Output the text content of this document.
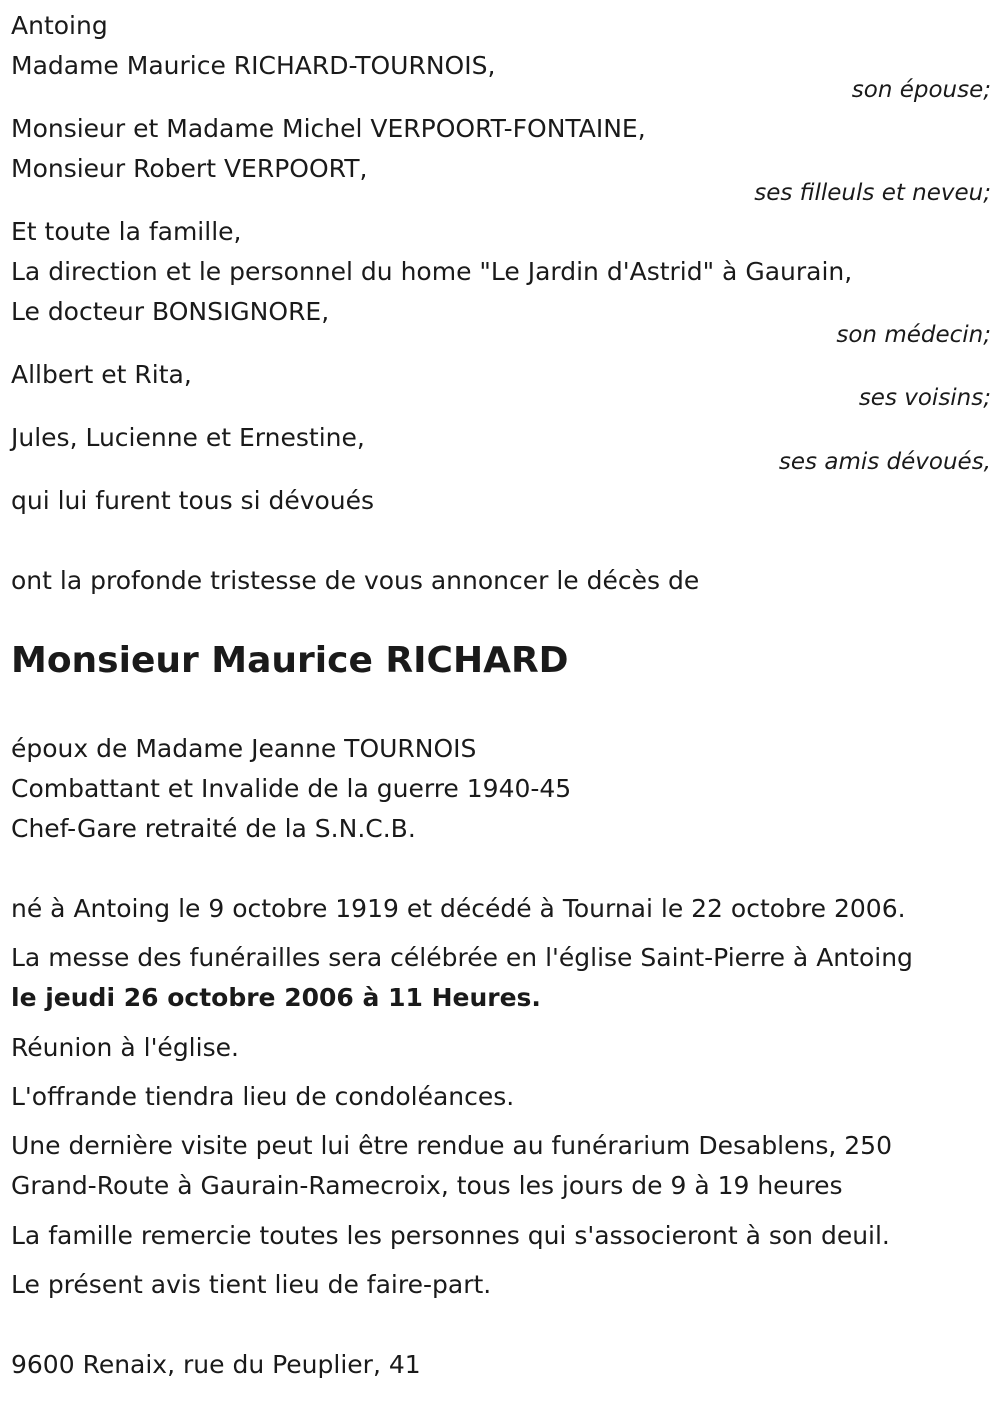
Antoing
Madame Maurice RICHARD-TOURNOIS,
son épouse;
Monsieur et Madame Michel VERPOORT-FONTAINE,
Monsieur Robert VERPOORT,
ses filleuls et neveu;
Et toute la famille,
La direction et le personnel du home "Le Jardin d'Astrid" à Gaurain,
Le docteur BONSIGNORE,
son médecin;
Allbert et Rita,
ses voisins;
Jules, Lucienne et Ernestine,
ses amis dévoués,
qui lui furent tous si dévoués
ont la profonde tristesse de vous annoncer le décès de
Monsieur Maurice RICHARD
époux de Madame Jeanne TOURNOIS
Combattant et Invalide de la guerre 1940-45
Chef-Gare retraité de la S.N.C.B.
né à Antoing le 9 octobre 1919 et décédé à Tournai le 22 octobre 2006.
La messe des funérailles sera célébrée en l'église Saint-Pierre à Antoing
le jeudi 26 octobre 2006 à 11 Heures.
Réunion à l'église.
L'offrande tiendra lieu de condoléances.
Une dernière visite peut lui être rendue au funérarium Desablens, 250
Grand-Route à Gaurain-Ramecroix, tous les jours de 9 à 19 heures
La famille remercie toutes les personnes qui s'associeront à son deuil.
Le présent avis tient lieu de faire-part.
9600 Renaix, rue du Peuplier, 41
